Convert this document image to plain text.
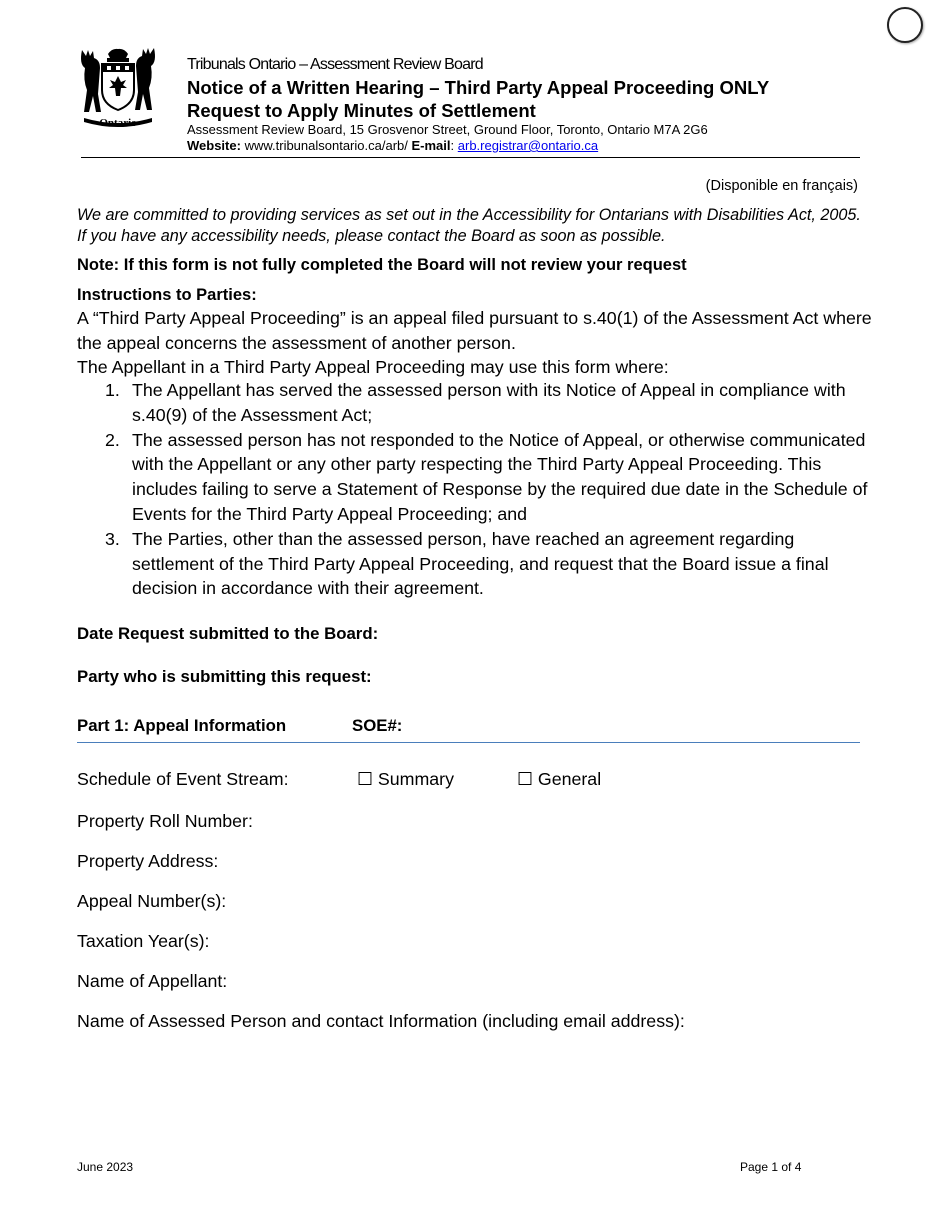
Ontario
Tribunals Ontario – Assessment Review Board
Notice of a Written Hearing – Third Party Appeal Proceeding ONLY
Request to Apply Minutes of Settlement
Assessment Review Board, 15 Grosvenor Street, Ground Floor, Toronto, Ontario M7A 2G6
Website: www.tribunalsontario.ca/arb/ E-mail: arb.registrar@ontario.ca
(Disponible en français)
We are committed to providing services as set out in the Accessibility for Ontarians with Disabilities Act, 2005. If you have any accessibility needs, please contact the Board as soon as possible.
Note: If this form is not fully completed the Board will not review your request
Instructions to Parties:
A “Third Party Appeal Proceeding” is an appeal filed pursuant to s.40(1) of the Assessment Act where the appeal concerns the assessment of another person.
The Appellant in a Third Party Appeal Proceeding may use this form where:
1. The Appellant has served the assessed person with its Notice of Appeal in compliance with s.40(9) of the Assessment Act;
2. The assessed person has not responded to the Notice of Appeal, or otherwise communicated with the Appellant or any other party respecting the Third Party Appeal Proceeding. This includes failing to serve a Statement of Response by the required due date in the Schedule of Events for the Third Party Appeal Proceeding; and
3. The Parties, other than the assessed person, have reached an agreement regarding settlement of the Third Party Appeal Proceeding, and request that the Board issue a final decision in accordance with their agreement.
Date Request submitted to the Board:
Party who is submitting this request:
Part 1: Appeal Information	SOE#:
Schedule of Event Stream:	☐ Summary	☐ General
Property Roll Number:
Property Address:
Appeal Number(s):
Taxation Year(s):
Name of Appellant:
Name of Assessed Person and contact Information (including email address):
June 2023	Page 1 of 4
